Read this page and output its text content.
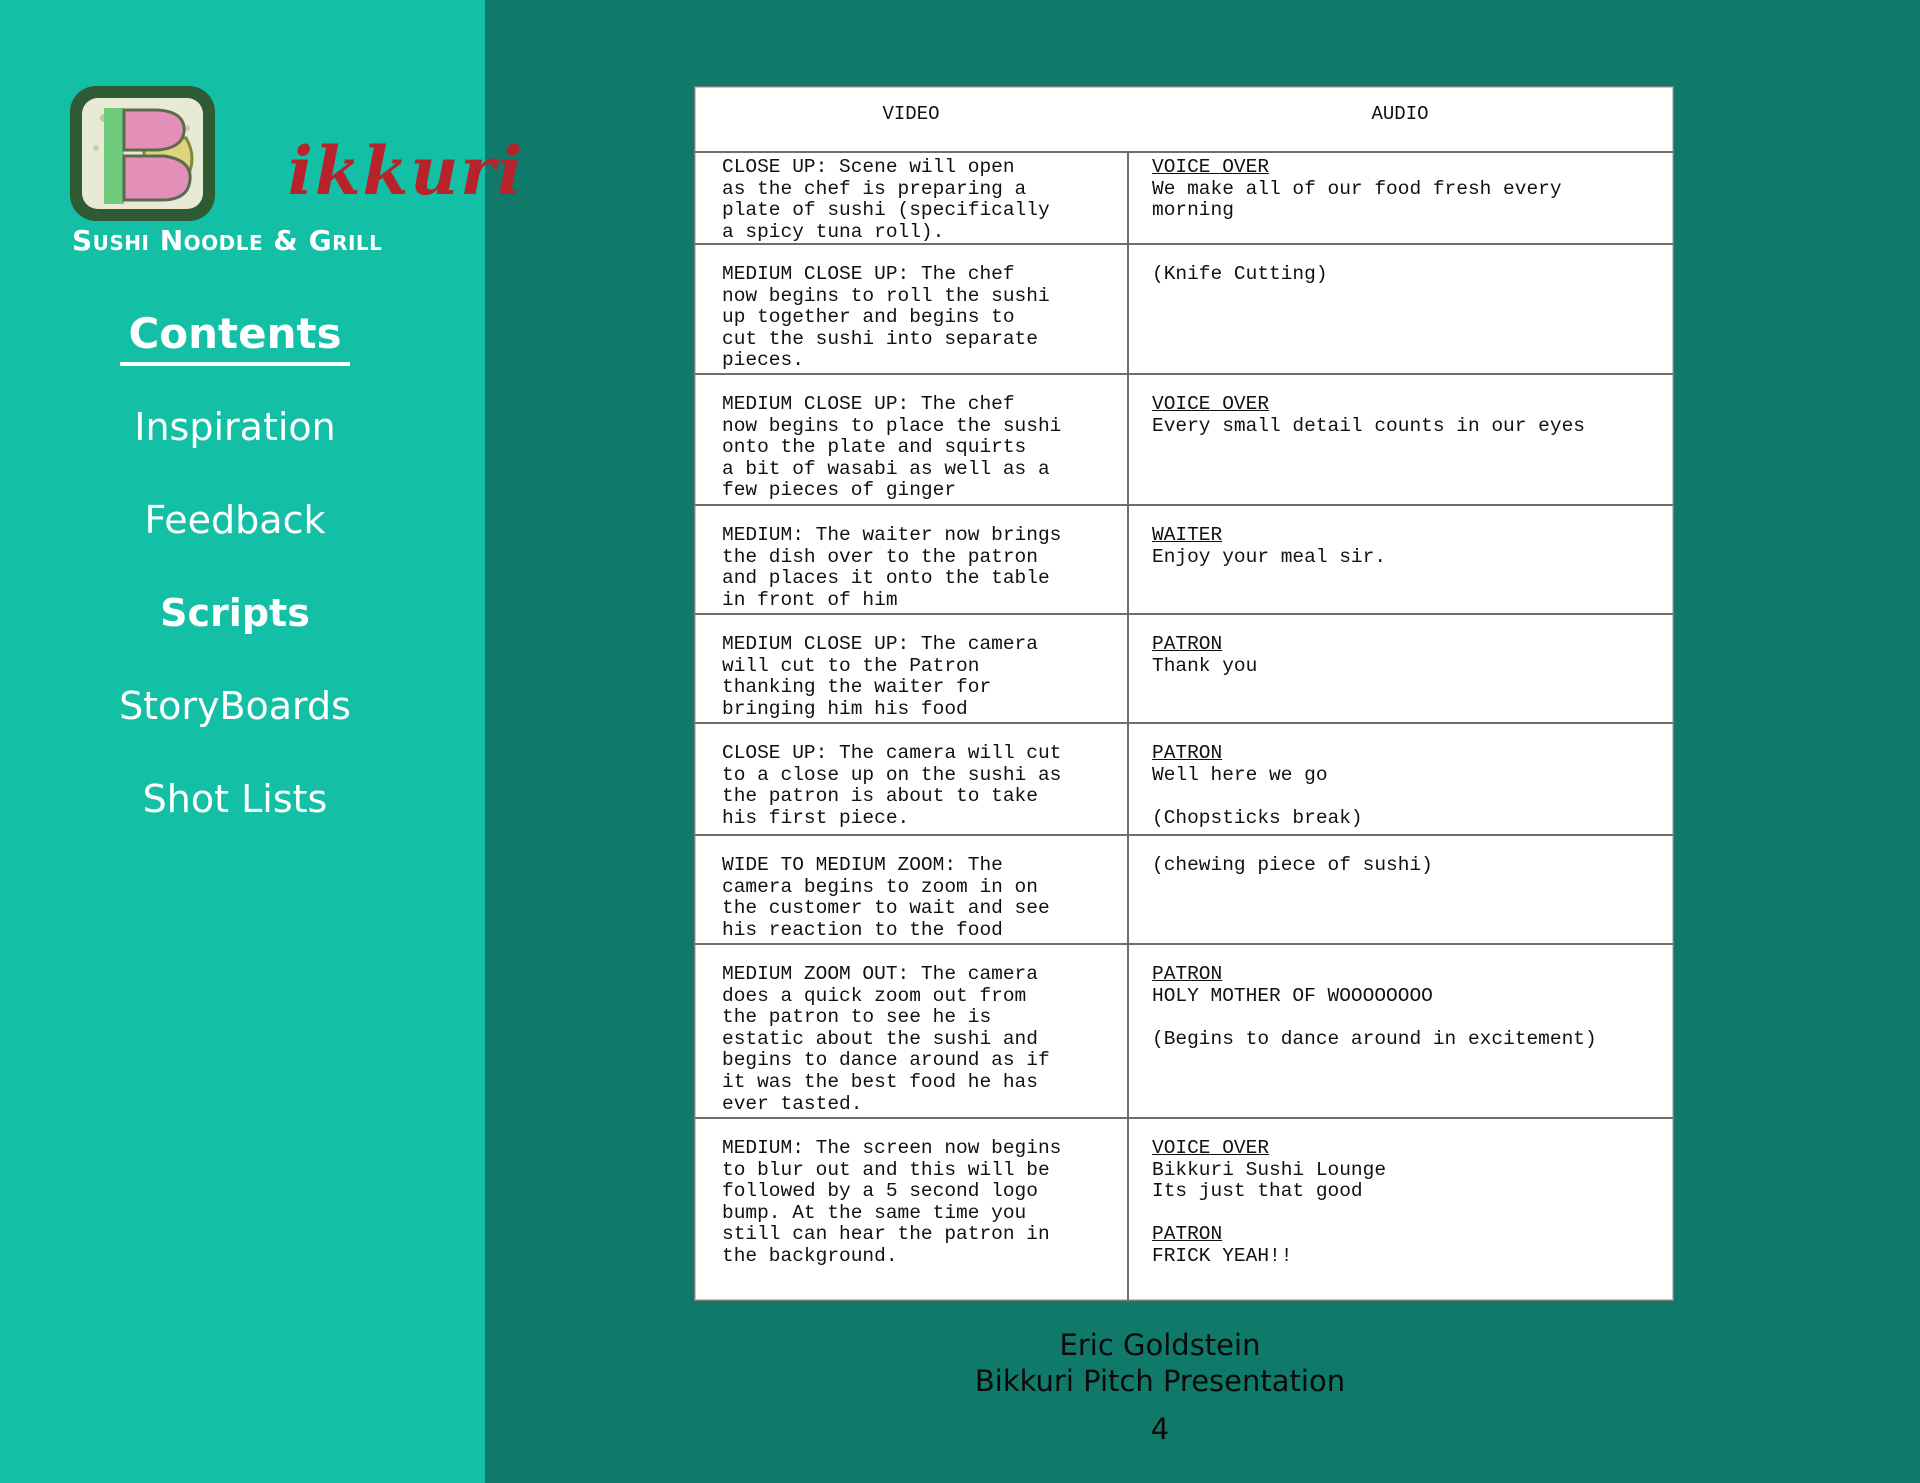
Bikkuri
Sushi Noodle & Grill
Contents
Inspiration
Feedback
Scripts
StoryBoards
Shot Lists
VIDEO	AUDIO
CLOSE UP: Scene will open
as the chef is preparing a
plate of sushi (specifically
a spicy tuna roll).
VOICE OVER
We make all of our food fresh every
morning
MEDIUM CLOSE UP: The chef
now begins to roll the sushi
up together and begins to
cut the sushi into separate
pieces.
(Knife Cutting)
MEDIUM CLOSE UP: The chef
now begins to place the sushi
onto the plate and squirts
a bit of wasabi as well as a
few pieces of ginger
VOICE OVER
Every small detail counts in our eyes
MEDIUM: The waiter now brings
the dish over to the patron
and places it onto the table
in front of him
WAITER
Enjoy your meal sir.
MEDIUM CLOSE UP: The camera
will cut to the Patron
thanking the waiter for
bringing him his food
PATRON
Thank you
CLOSE UP: The camera will cut
to a close up on the sushi as
the patron is about to take
his first piece.
PATRON
Well here we go

(Chopsticks break)
WIDE TO MEDIUM ZOOM: The
camera begins to zoom in on
the customer to wait and see
his reaction to the food
(chewing piece of sushi)
MEDIUM ZOOM OUT: The camera
does a quick zoom out from
the patron to see he is
estatic about the sushi and
begins to dance around as if
it was the best food he has
ever tasted.
PATRON
HOLY MOTHER OF WOOOOOOOO

(Begins to dance around in excitement)
MEDIUM: The screen now begins
to blur out and this will be
followed by a 5 second logo
bump. At the same time you
still can hear the patron in
the background.
VOICE OVER
Bikkuri Sushi Lounge
Its just that good
PATRON
FRICK YEAH!!
Eric Goldstein
Bikkuri Pitch Presentation
4
